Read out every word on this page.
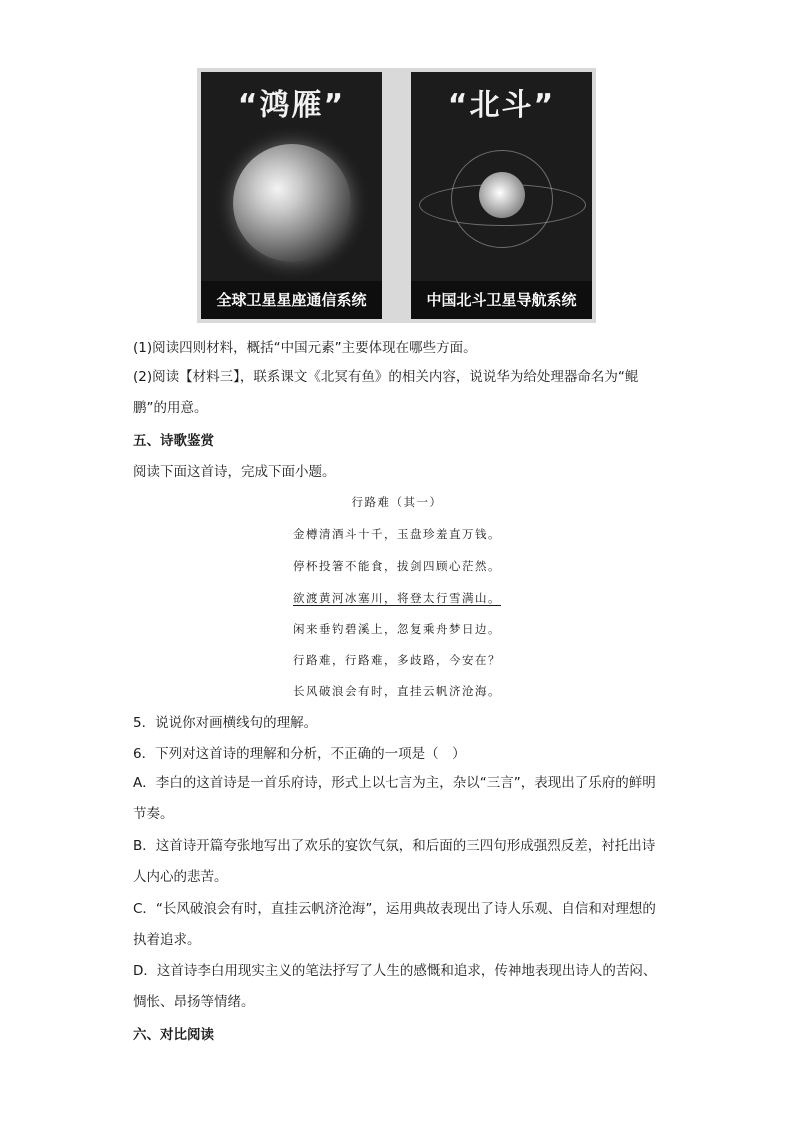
“鸿雁”
全球卫星星座通信系统
“北斗”
中国北斗卫星导航系统
(1)阅读四则材料，概括“中国元素”主要体现在哪些方面。
(2)阅读【材料三】，联系课文《北冥有鱼》的相关内容，说说华为给处理器命名为“鲲鹏”的用意。
五、诗歌鉴赏
阅读下面这首诗，完成下面小题。
行路难（其一）
金樽清酒斗十千，玉盘珍羞直万钱。
停杯投箸不能食，拔剑四顾心茫然。
欲渡黄河冰塞川，将登太行雪满山。
闲来垂钓碧溪上，忽复乘舟梦日边。
行路难，行路难，多歧路，今安在？
长风破浪会有时，直挂云帆济沧海。
5．说说你对画横线句的理解。
6．下列对这首诗的理解和分析，不正确的一项是（　）
A．李白的这首诗是一首乐府诗，形式上以七言为主，杂以“三言”，表现出了乐府的鲜明节奏。
B．这首诗开篇夸张地写出了欢乐的宴饮气氛，和后面的三四句形成强烈反差，衬托出诗人内心的悲苦。
C．“长风破浪会有时，直挂云帆济沧海”，运用典故表现出了诗人乐观、自信和对理想的执着追求。
D．这首诗李白用现实主义的笔法抒写了人生的感慨和追求，传神地表现出诗人的苦闷、惆怅、昂扬等情绪。
六、对比阅读
